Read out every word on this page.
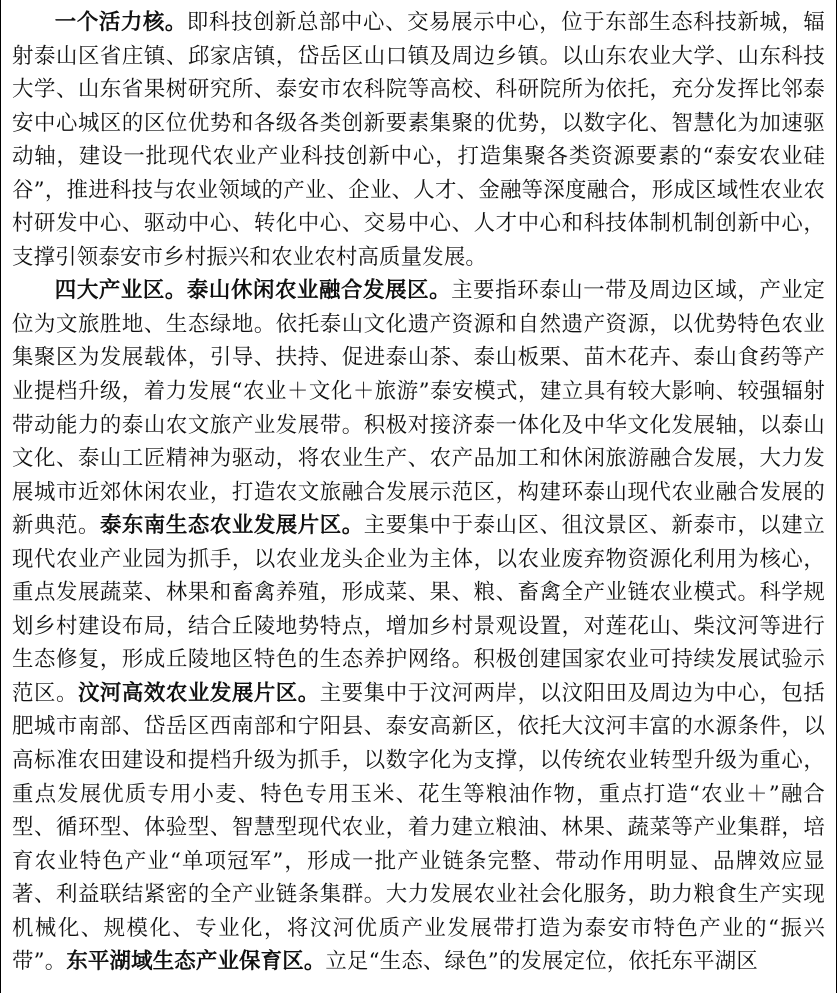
一个活力核。即科技创新总部中心、交易展示中心，位于东部生态科技新城，辐射泰山区省庄镇、邱家店镇，岱岳区山口镇及周边乡镇。以山东农业大学、山东科技大学、山东省果树研究所、泰安市农科院等高校、科研院所为依托，充分发挥比邻泰安中心城区的区位优势和各级各类创新要素集聚的优势，以数字化、智慧化为加速驱动轴，建设一批现代农业产业科技创新中心，打造集聚各类资源要素的“泰安农业硅谷”，推进科技与农业领域的产业、企业、人才、金融等深度融合，形成区域性农业农村研发中心、驱动中心、转化中心、交易中心、人才中心和科技体制机制创新中心，支撑引领泰安市乡村振兴和农业农村高质量发展。

四大产业区。泰山休闲农业融合发展区。主要指环泰山一带及周边区域，产业定位为文旅胜地、生态绿地。依托泰山文化遗产资源和自然遗产资源，以优势特色农业集聚区为发展载体，引导、扶持、促进泰山茶、泰山板栗、苗木花卉、泰山食药等产业提档升级，着力发展“农业＋文化＋旅游”泰安模式，建立具有较大影响、较强辐射带动能力的泰山农文旅产业发展带。积极对接济泰一体化及中华文化发展轴，以泰山文化、泰山工匠精神为驱动，将农业生产、农产品加工和休闲旅游融合发展，大力发展城市近郊休闲农业，打造农文旅融合发展示范区，构建环泰山现代农业融合发展的新典范。泰东南生态农业发展片区。主要集中于泰山区、徂汶景区、新泰市，以建立现代农业产业园为抓手，以农业龙头企业为主体，以农业废弃物资源化利用为核心，重点发展蔬菜、林果和畜禽养殖，形成菜、果、粮、畜禽全产业链农业模式。科学规划乡村建设布局，结合丘陵地势特点，增加乡村景观设置，对莲花山、柴汶河等进行生态修复，形成丘陵地区特色的生态养护网络。积极创建国家农业可持续发展试验示范区。汶河高效农业发展片区。主要集中于汶河两岸，以汶阳田及周边为中心，包括肥城市南部、岱岳区西南部和宁阳县、泰安高新区，依托大汶河丰富的水源条件，以高标准农田建设和提档升级为抓手，以数字化为支撑，以传统农业转型升级为重心，重点发展优质专用小麦、特色专用玉米、花生等粮油作物，重点打造“农业＋”融合型、循环型、体验型、智慧型现代农业，着力建立粮油、林果、蔬菜等产业集群，培育农业特色产业“单项冠军”，形成一批产业链条完整、带动作用明显、品牌效应显著、利益联结紧密的全产业链条集群。大力发展农业社会化服务，助力粮食生产实现机械化、规模化、专业化，将汶河优质产业发展带打造为泰安市特色产业的“振兴带”。东平湖域生态产业保育区。立足“生态、绿色”的发展定位，依托东平湖区
